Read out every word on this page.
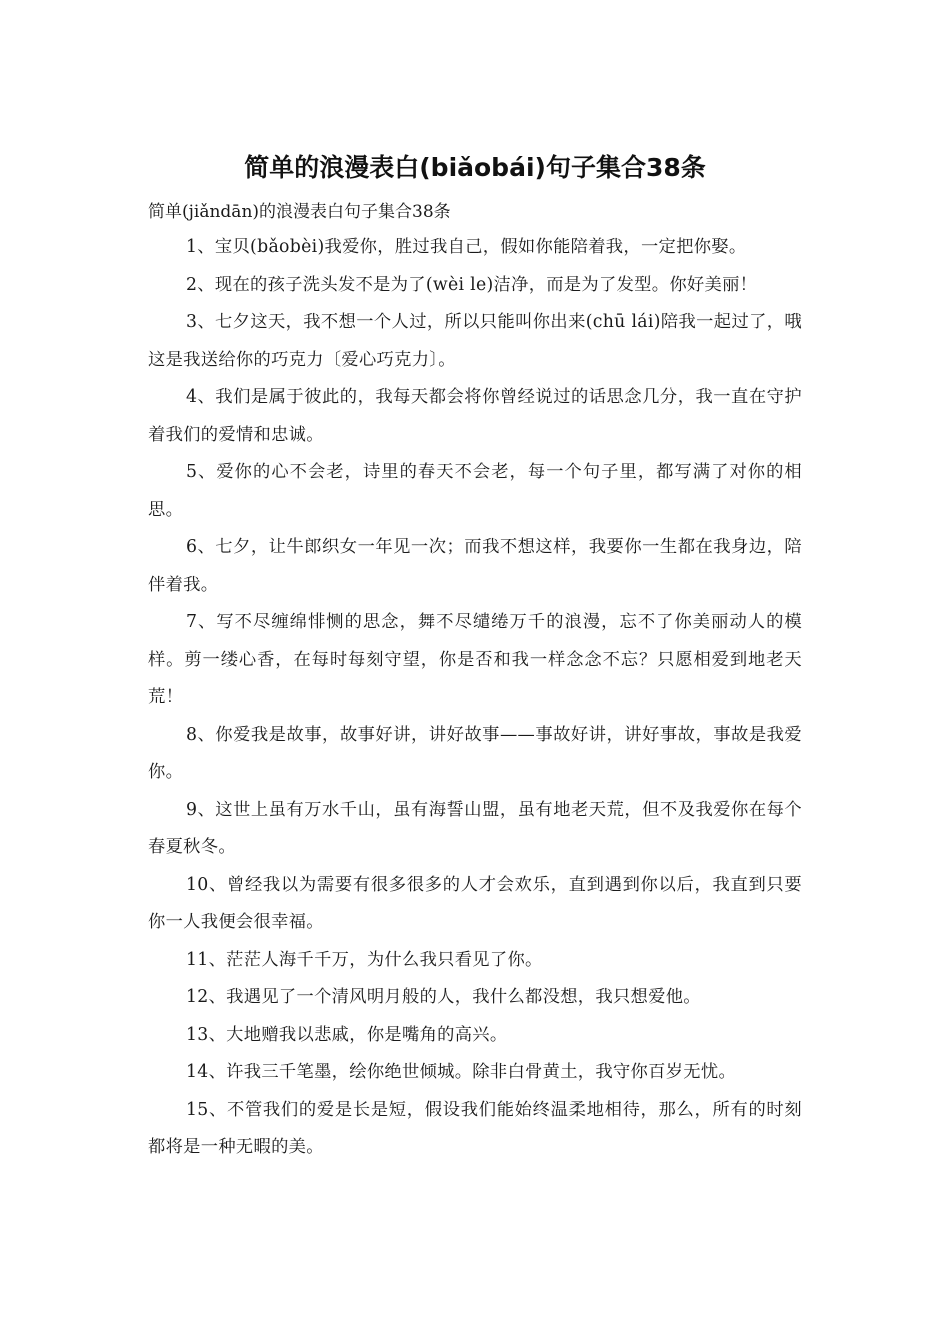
简单的浪漫表白(biǎobái)句子集合38条
简单(jiǎndān)的浪漫表白句子集合38条

1、宝贝(bǎobèi)我爱你，胜过我自己，假如你能陪着我，一定把你娶。

2、现在的孩子洗头发不是为了(wèi le)洁净，而是为了发型。你好美丽！

3、七夕这天，我不想一个人过，所以只能叫你出来(chū lái)陪我一起过了，哦这是我送给你的巧克力〔爱心巧克力〕。

4、我们是属于彼此的，我每天都会将你曾经说过的话思念几分，我一直在守护着我们的爱情和忠诚。

5、爱你的心不会老，诗里的春天不会老，每一个句子里，都写满了对你的相思。

6、七夕，让牛郎织女一年见一次；而我不想这样，我要你一生都在我身边，陪伴着我。

7、写不尽缠绵悱恻的思念，舞不尽缱绻万千的浪漫，忘不了你美丽动人的模样。剪一缕心香，在每时每刻守望，你是否和我一样念念不忘？只愿相爱到地老天荒！

8、你爱我是故事，故事好讲，讲好故事——事故好讲，讲好事故，事故是我爱你。

9、这世上虽有万水千山，虽有海誓山盟，虽有地老天荒，但不及我爱你在每个春夏秋冬。

10、曾经我以为需要有很多很多的人才会欢乐，直到遇到你以后，我直到只要你一人我便会很幸福。

11、茫茫人海千千万，为什么我只看见了你。

12、我遇见了一个清风明月般的人，我什么都没想，我只想爱他。

13、大地赠我以悲戚，你是嘴角的高兴。

14、许我三千笔墨，绘你绝世倾城。除非白骨黄土，我守你百岁无忧。

15、不管我们的爱是长是短，假设我们能始终温柔地相待，那么，所有的时刻都将是一种无暇的美。
